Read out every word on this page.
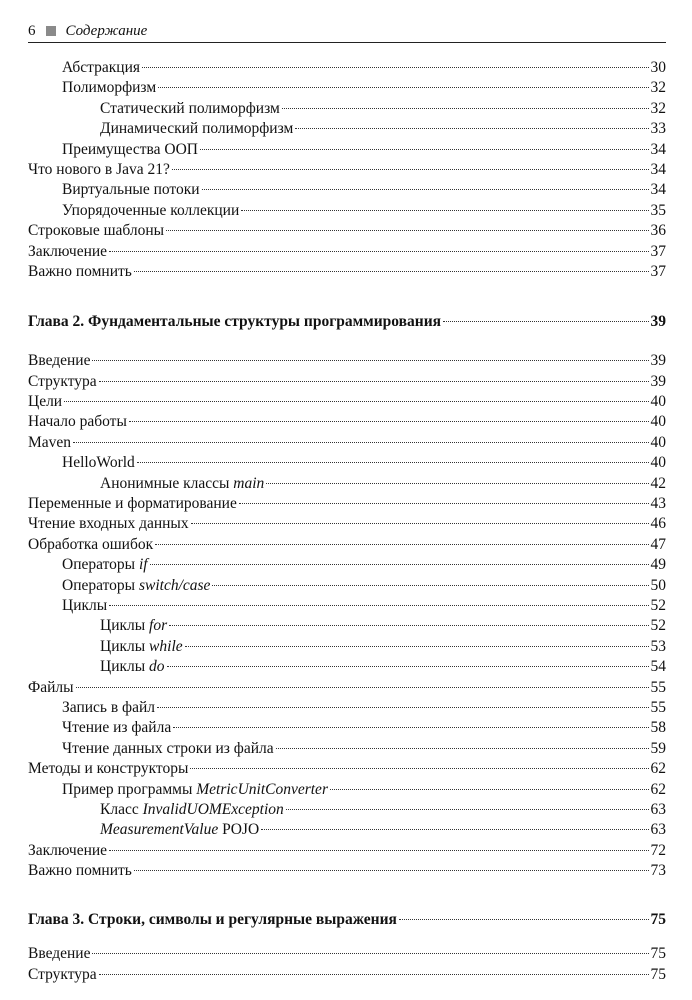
6 Содержание
Абстракция	30
Полиморфизм	32
Статический полиморфизм	32
Динамический полиморфизм	33
Преимущества ООП	34
Что нового в Java 21?	34
Виртуальные потоки	34
Упорядоченные коллекции	35
Строковые шаблоны	36
Заключение	37
Важно помнить	37
Глава 2. Фундаментальные структуры программирования	39
Введение	39
Структура	39
Цели	40
Начало работы	40
Maven	40
HelloWorld	40
Анонимные классы main	42
Переменные и форматирование	43
Чтение входных данных	46
Обработка ошибок	47
Операторы if	49
Операторы switch/case	50
Циклы	52
Циклы for	52
Циклы while	53
Циклы do	54
Файлы	55
Запись в файл	55
Чтение из файла	58
Чтение данных строки из файла	59
Методы и конструкторы	62
Пример программы MetricUnitConverter	62
Класс InvalidUOMException	63
MeasurementValue POJO	63
Заключение	72
Важно помнить	73
Глава 3. Строки, символы и регулярные выражения	75
Введение	75
Структура	75
